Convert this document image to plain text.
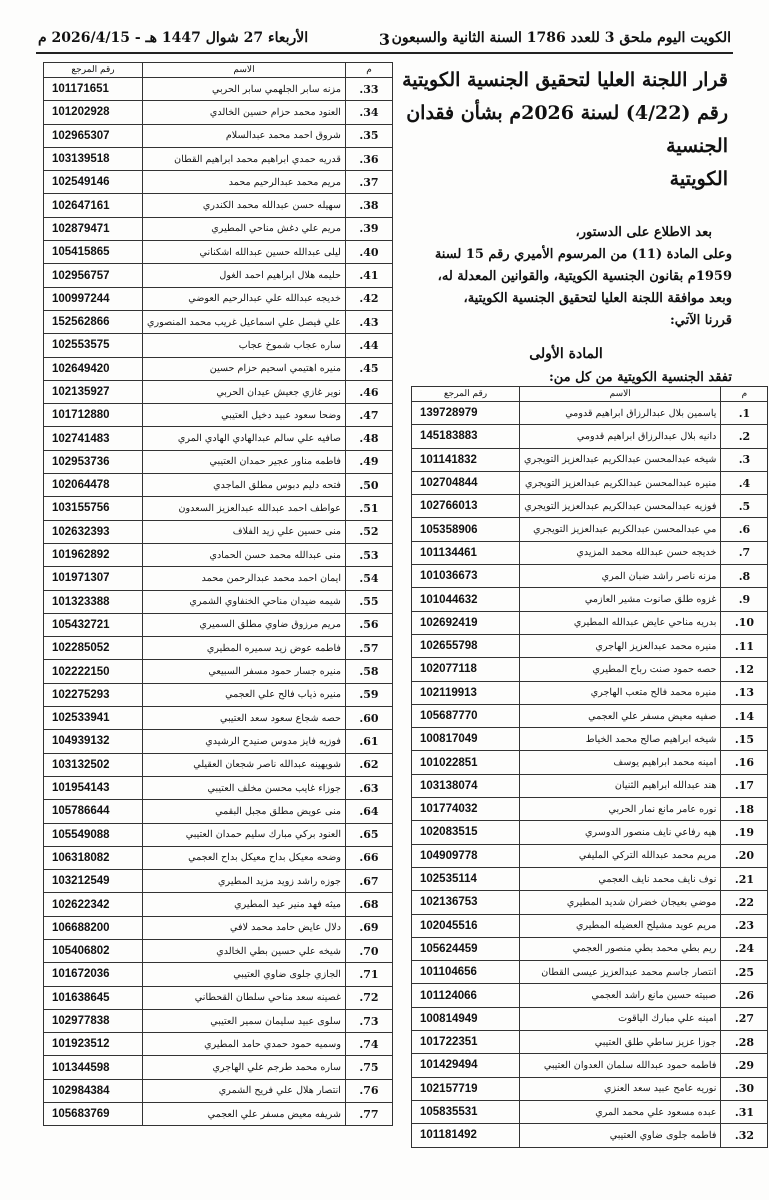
الكويت اليوم ملحق 3 للعدد 1786 السنة الثانية والسبعون
3
الأربعاء 27 شوال 1447 هـ - 2026/4/15 م
قرار اللجنة العليا لتحقيق الجنسية الكويتية
رقم (4/22) لسنة 2026م بشأن فقدان الجنسية
الكويتية

بعد الاطلاع على الدستور،

وعلى المادة (11) من المرسوم الأميري رقم 15 لسنة 1959م بقانون الجنسية الكويتية، والقوانين المعدلة له،

وبعد موافقة اللجنة العليا لتحقيق الجنسية الكويتية،

قررنا الآتي:

المادة الأولى
تفقد الجنسية الكويتية من كل من:
م	الاسم	رقم المرجع
1.	ياسمين بلال عبدالرزاق ابراهيم قدومي	139728979
2.	دانيه بلال عبدالرزاق ابراهيم قدومي	145183883
3.	شيخه عبدالمحسن عبدالكريم عبدالعزيز التويجري	101141832
4.	منيره عبدالمحسن عبدالكريم عبدالعزيز التويجري	102704844
5.	فوزيه عبدالمحسن عبدالكريم عبدالعزيز التويجري	102766013
6.	مي عبدالمحسن عبدالكريم عبدالعزيز التويجري	105358906
7.	خديجه حسن عبدالله محمد المزيدي	101134461
8.	مزنه ناصر راشد ضبان المري	101036673
9.	غزوه طلق صانوت مشير العازمي	101044632
10.	بدريه مناحي عايض عبدالله المطيري	102692419
11.	منيره محمد عبدالعزيز الهاجري	102655798
12.	حصه حمود صنت رباح المطيري	102077118
13.	منيره محمد فالح متعب الهاجري	102119913
14.	صفيه معيض مسفر علي العجمي	105687770
15.	شيخه ابراهيم صالح محمد الخياط	100817049
16.	امينه محمد ابراهيم يوسف	101022851
17.	هند عبدالله ابراهيم الثنيان	103138074
18.	نوره عامر مانع نمار الحربي	101774032
19.	هيه رفاعي نايف منصور الدوسري	102083515
20.	مريم محمد عبدالله التركي المليفي	104909778
21.	نوف نايف محمد نايف العجمي	102535114
22.	موضي بعيجان خضران شديد المطيري	102136753
23.	مريم عويد مشيلح العضيله المطيري	102045516
24.	ريم بطي محمد بطي منصور العجمي	105624459
25.	انتصار جاسم محمد عبدالعزيز عيسى القطان	101104656
26.	صبيته حسين مانع راشد العجمي	101124066
27.	امينه علي مبارك الياقوت	100814949
28.	جوزا عزيز ساطي طلق العتيبي	101722351
29.	فاطمه حمود عبدالله سلمان العدوان العتيبي	101429494
30.	نوريه عامح عبيد سعد العنزي	102157719
31.	عبده مسعود علي محمد المري	105835531
32.	فاطمه جلوى ضاوي العتيبي	101181492
م	الاسم	رقم المرجع
33.	مزنه سابر الجلهمي سابر الحربي	101171651
34.	العنود محمد حزام حسين الخالدي	101202928
35.	شروق احمد محمد عبدالسلام	102965307
36.	قدريه حمدي ابراهيم محمد ابراهيم القطان	103139518
37.	مريم محمد عبدالرحيم محمد	102549146
38.	سهيله حسن عبدالله محمد الكندري	102647161
39.	مريم علي دغش مناحي المطيري	102879471
40.	ليلى عبدالله حسين عبدالله اشكناني	105415865
41.	حليمه هلال ابراهيم احمد الغول	102956757
42.	خديجه عبدالله علي عبدالرحيم العوضي	100997244
43.	علي فيصل علي اسماعيل غريب محمد المنصوري	152562866
44.	ساره عجاب شموخ عجاب	102553575
45.	منيره اهتيمي اسحيم حزام حسين	102649420
46.	نوير غازي جعيش عيدان الحربي	102135927
47.	وضحا سعود عبيد دخيل العتيبي	101712880
48.	صافيه علي سالم عبدالهادي الهادي المري	102741483
49.	فاطمه مناور عجير حمدان العتيبي	102953736
50.	فتحه دليم دبوس مطلق الماجدي	102064478
51.	عواطف احمد عبدالله عبدالعزيز السعدون	103155756
52.	منى حسين علي زيد الفلاف	102632393
53.	منى عبدالله محمد حسن الحمادي	101962892
54.	ايمان احمد محمد عبدالرحمن محمد	101971307
55.	شيمه ضيدان مناحي الخنفاوي الشمري	101323388
56.	مريم مرزوق ضاوي مطلق السميري	105432721
57.	فاطمه عوض زيد سميره المطيري	102285052
58.	منيره جسار حمود مسفر السبيعي	102222150
59.	منيره ذياب فالح علي العجمي	102275293
60.	حصه شجاع سعود سعد العتيبي	102533941
61.	فوزيه فايز مدوس صنيدح الرشيدي	104939132
62.	شويهينه عبدالله ناصر شجعان العقيلي	103132502
63.	جوزاء غايب محسن مخلف العتيبي	101954143
64.	منى عويض مطلق مجبل البقمي	105786644
65.	العنود بركي مبارك سليم حمدان العتيبي	105549088
66.	وضحه معيكل بداح معيكل بداح العجمي	106318082
67.	جوزه راشد زويد مزيد المطيري	103212549
68.	ميثه فهد منير عيد المطيري	102622342
69.	دلال عايض حامد محمد لافي	106688200
70.	شيخه علي حسين بطي الخالدي	105406802
71.	الجازي جلوى ضاوي العتيبي	101672036
72.	غصينه سعد مناحي سلطان القحطاني	101638645
73.	سلوى عبيد سليمان سمير العتيبي	102977838
74.	وسميه حمود حمدي حامد المطيري	101923512
75.	ساره محمد طرجم علي الهاجري	101344598
76.	انتصار هلال علي فريح الشمري	102984384
77.	شريفه معيض مسفر علي العجمي	105683769
